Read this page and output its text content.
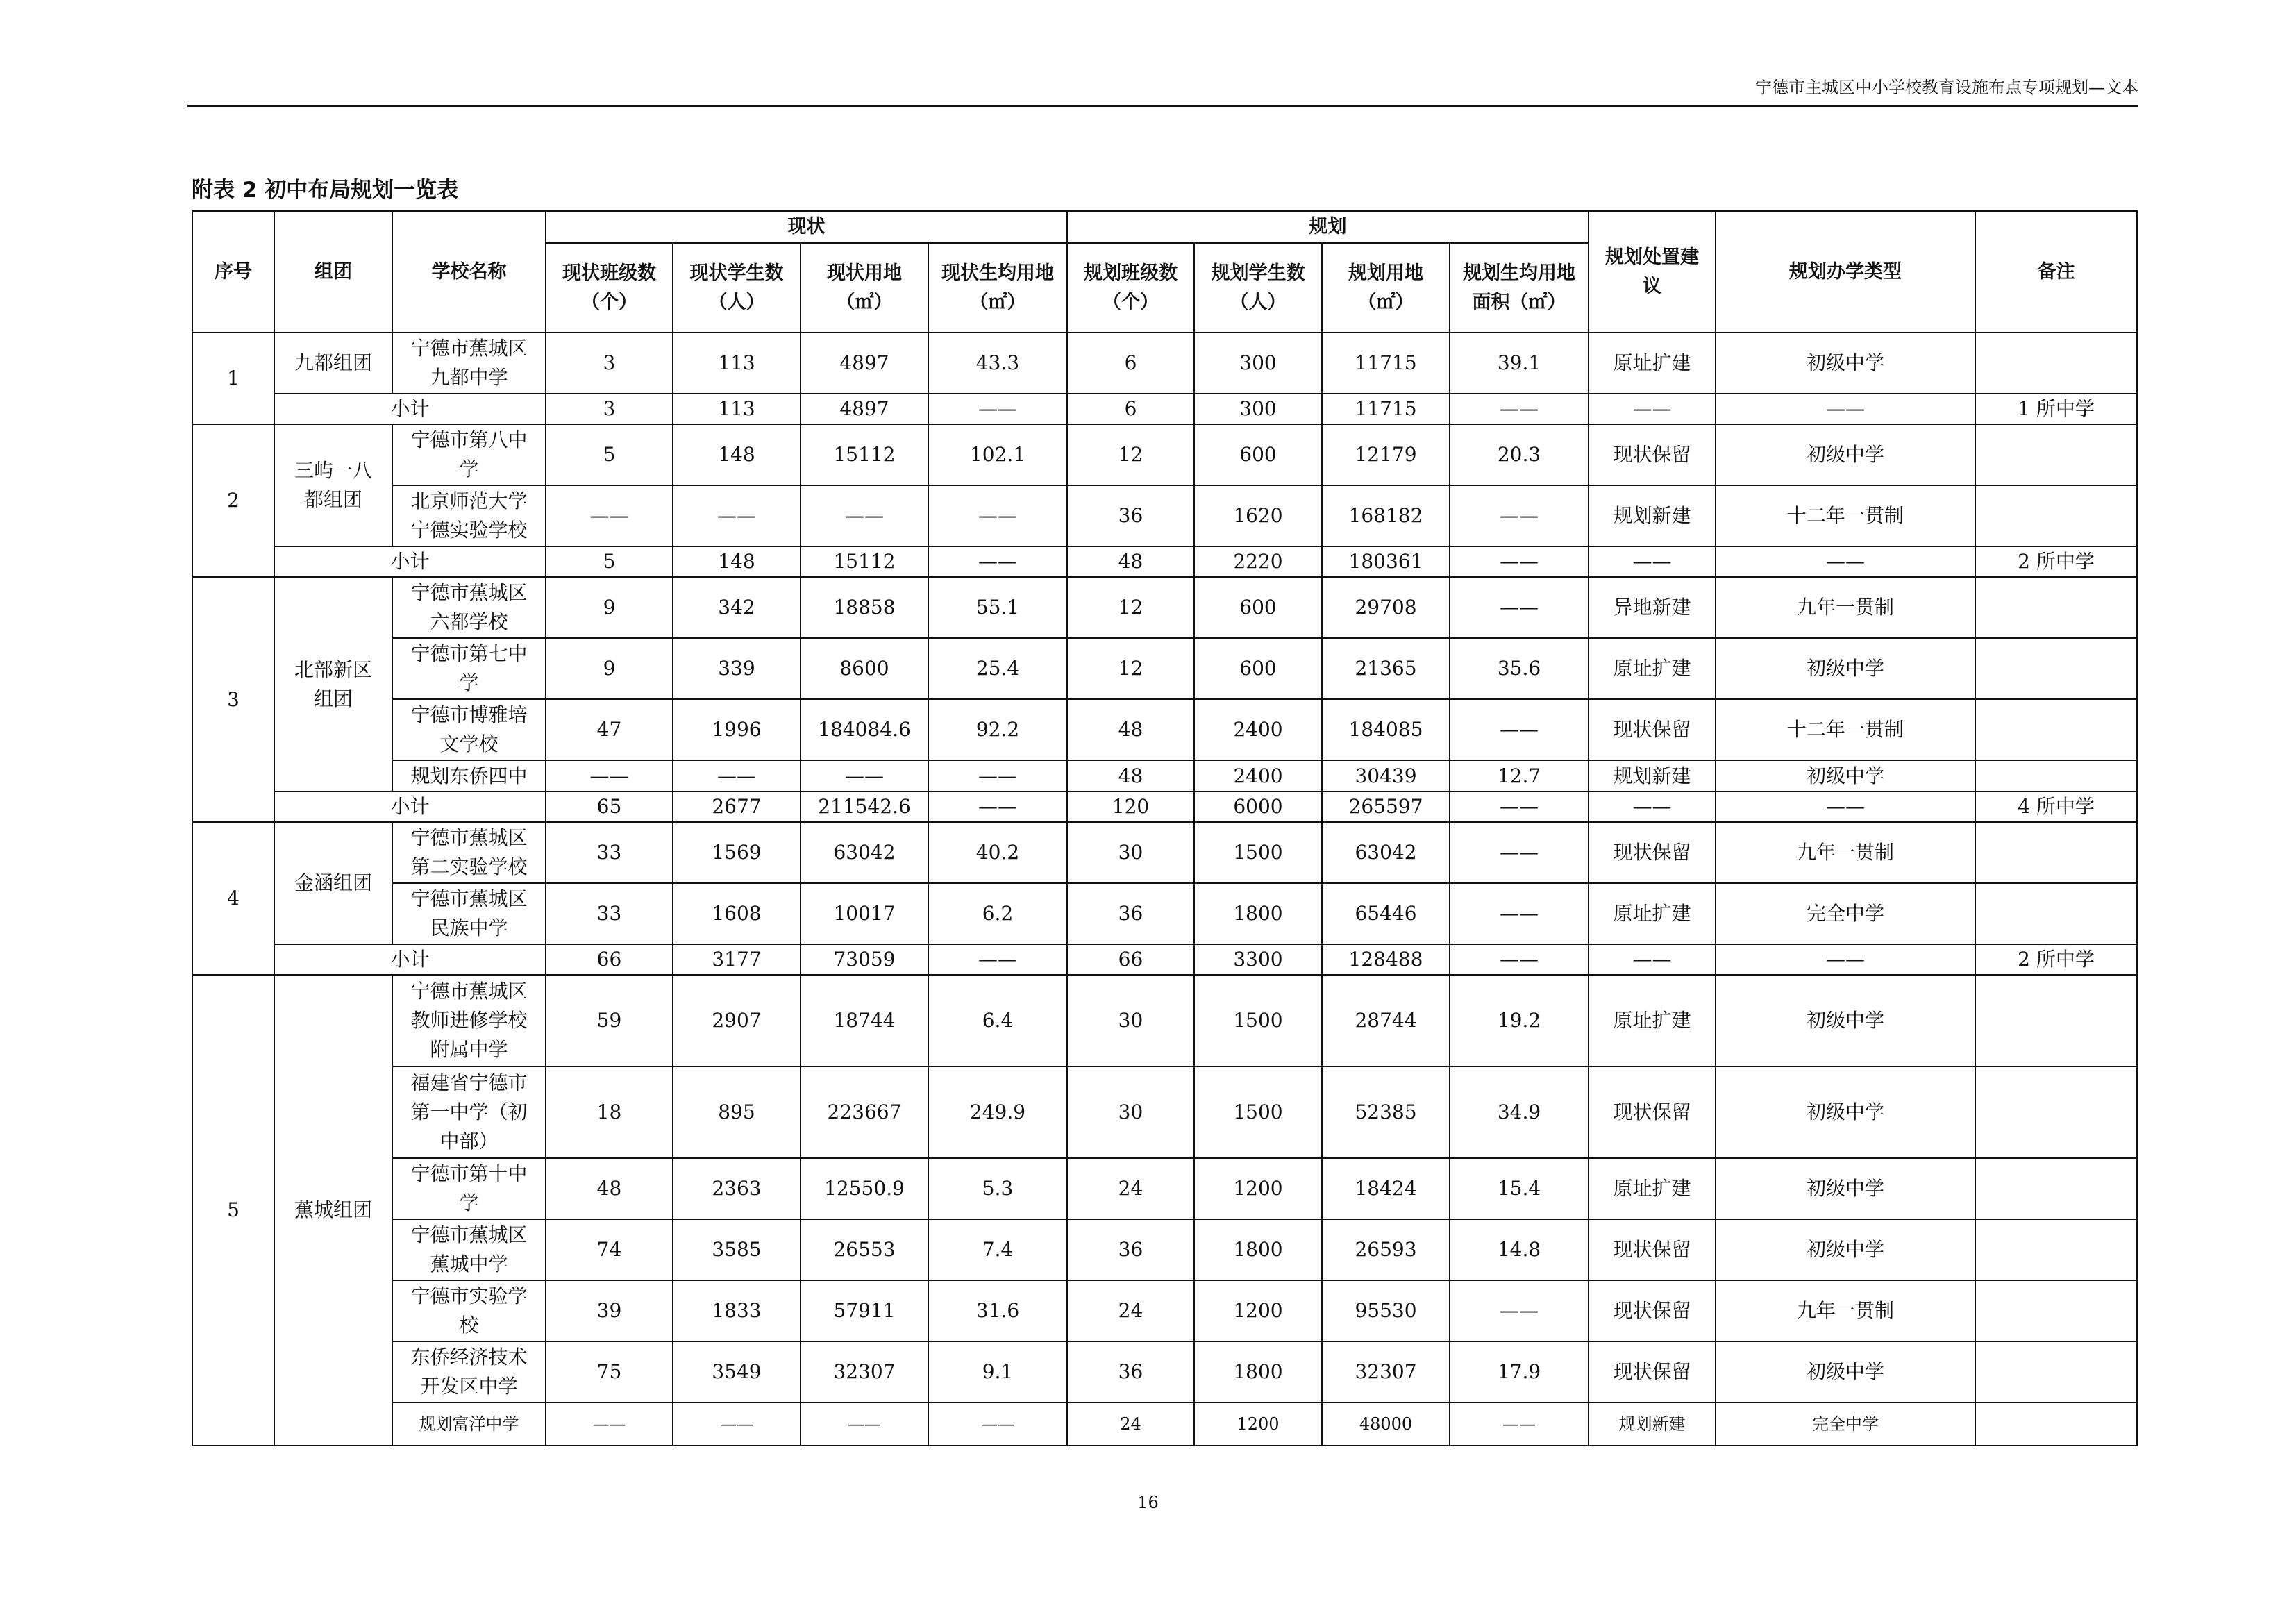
宁德市主城区中小学校教育设施布点专项规划—文本
附表 2 初中布局规划一览表
序号	组团	学校名称	现状				规划				规划处置建议	规划办学类型	备注
			现状班级数（个）	现状学生数（人）	现状用地（㎡）	现状生均用地（㎡）	规划班级数（个）	规划学生数（人）	规划用地（㎡）	规划生均用地面积（㎡）			
1	九都组团	宁德市蕉城区九都中学	3	113	4897	43.3	6	300	11715	39.1	原址扩建	初级中学	
	小计		3	113	4897	——	6	300	11715	——	——	——	1 所中学
2	三屿一八都组团	宁德市第八中学	5	148	15112	102.1	12	600	12179	20.3	现状保留	初级中学	
		北京师范大学宁德实验学校	——	——	——	——	36	1620	168182	——	规划新建	十二年一贯制	
	小计		5	148	15112	——	48	2220	180361	——	——	——	2 所中学
3	北部新区组团	宁德市蕉城区六都学校	9	342	18858	55.1	12	600	29708	——	异地新建	九年一贯制	
		宁德市第七中学	9	339	8600	25.4	12	600	21365	35.6	原址扩建	初级中学	
		宁德市博雅培文学校	47	1996	184084.6	92.2	48	2400	184085	——	现状保留	十二年一贯制	
		规划东侨四中	——	——	——	——	48	2400	30439	12.7	规划新建	初级中学	
	小计		65	2677	211542.6	——	120	6000	265597	——	——	——	4 所中学
4	金涵组团	宁德市蕉城区第二实验学校	33	1569	63042	40.2	30	1500	63042	——	现状保留	九年一贯制	
		宁德市蕉城区民族中学	33	1608	10017	6.2	36	1800	65446	——	原址扩建	完全中学	
	小计		66	3177	73059	——	66	3300	128488	——	——	——	2 所中学
5	蕉城组团	宁德市蕉城区教师进修学校附属中学	59	2907	18744	6.4	30	1500	28744	19.2	原址扩建	初级中学	
		福建省宁德市第一中学（初中部）	18	895	223667	249.9	30	1500	52385	34.9	现状保留	初级中学	
		宁德市第十中学	48	2363	12550.9	5.3	24	1200	18424	15.4	原址扩建	初级中学	
		宁德市蕉城区蕉城中学	74	3585	26553	7.4	36	1800	26593	14.8	现状保留	初级中学	
		宁德市实验学校	39	1833	57911	31.6	24	1200	95530	——	现状保留	九年一贯制	
		东侨经济技术开发区中学	75	3549	32307	9.1	36	1800	32307	17.9	现状保留	初级中学	
		规划富洋中学	——	——	——	——	24	1200	48000	——	规划新建	完全中学	
16
